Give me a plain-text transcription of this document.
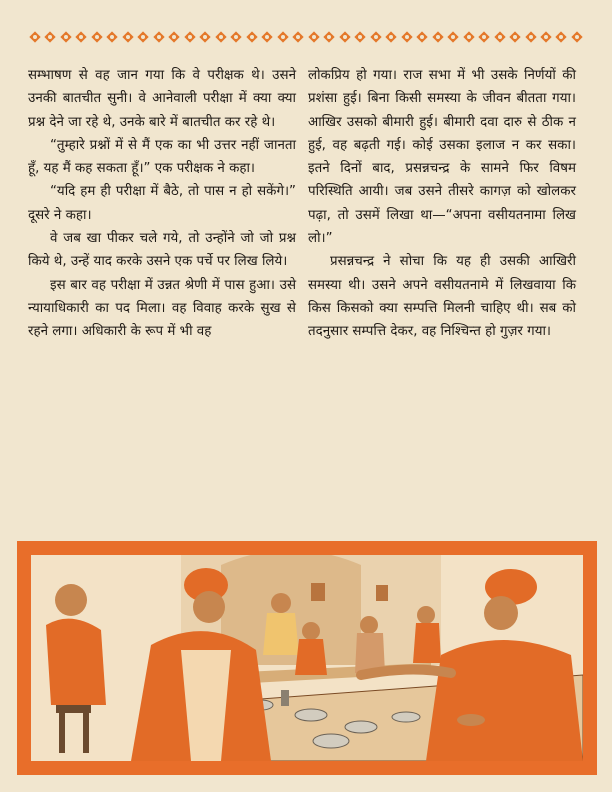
सम्भाषण से वह जान गया कि वे परीक्षक थे। उसने उनकी बातचीत सुनी। वे आनेवाली परीक्षा में क्या क्या प्रश्न देने जा रहे थे, उनके बारे में बातचीत कर रहे थे।

“तुम्हारे प्रश्नों में से मैं एक का भी उत्तर नहीं जानता हूँ, यह मैं कह सकता हूँ।” एक परीक्षक ने कहा।

“यदि हम ही परीक्षा में बैठे, तो पास न हो सकेंगे।” दूसरे ने कहा।

वे जब खा पीकर चले गये, तो उन्होंने जो जो प्रश्न किये थे, उन्हें याद करके उसने एक पर्चे पर लिख लिये।

इस बार वह परीक्षा में उन्नत श्रेणी में पास हुआ। उसे न्यायाधिकारी का पद मिला। वह विवाह करके सुख से रहने लगा। अधिकारी के रूप में भी वह

लोकप्रिय हो गया। राज सभा में भी उसके निर्णयों की प्रशंसा हुई। बिना किसी समस्या के जीवन बीतता गया। आखिर उसको बीमारी हुई। बीमारी दवा दारु से ठीक न हुई, वह बढ़ती गई। कोई उसका इलाज न कर सका। इतने दिनों बाद, प्रसन्नचन्द्र के सामने फिर विषम परिस्थिति आयी। जब उसने तीसरे कागज़ को खोलकर पढ़ा, तो उसमें लिखा था—“अपना वसीयतनामा लिख लो।”

प्रसन्नचन्द्र ने सोचा कि यह ही उसकी आखिरी समस्या थी। उसने अपने वसीयतनामे में लिखवाया कि किस किसको क्या सम्पत्ति मिलनी चाहिए थी। सब को तदनुसार सम्पत्ति देकर, वह निश्चिन्त हो गुज़र गया।
